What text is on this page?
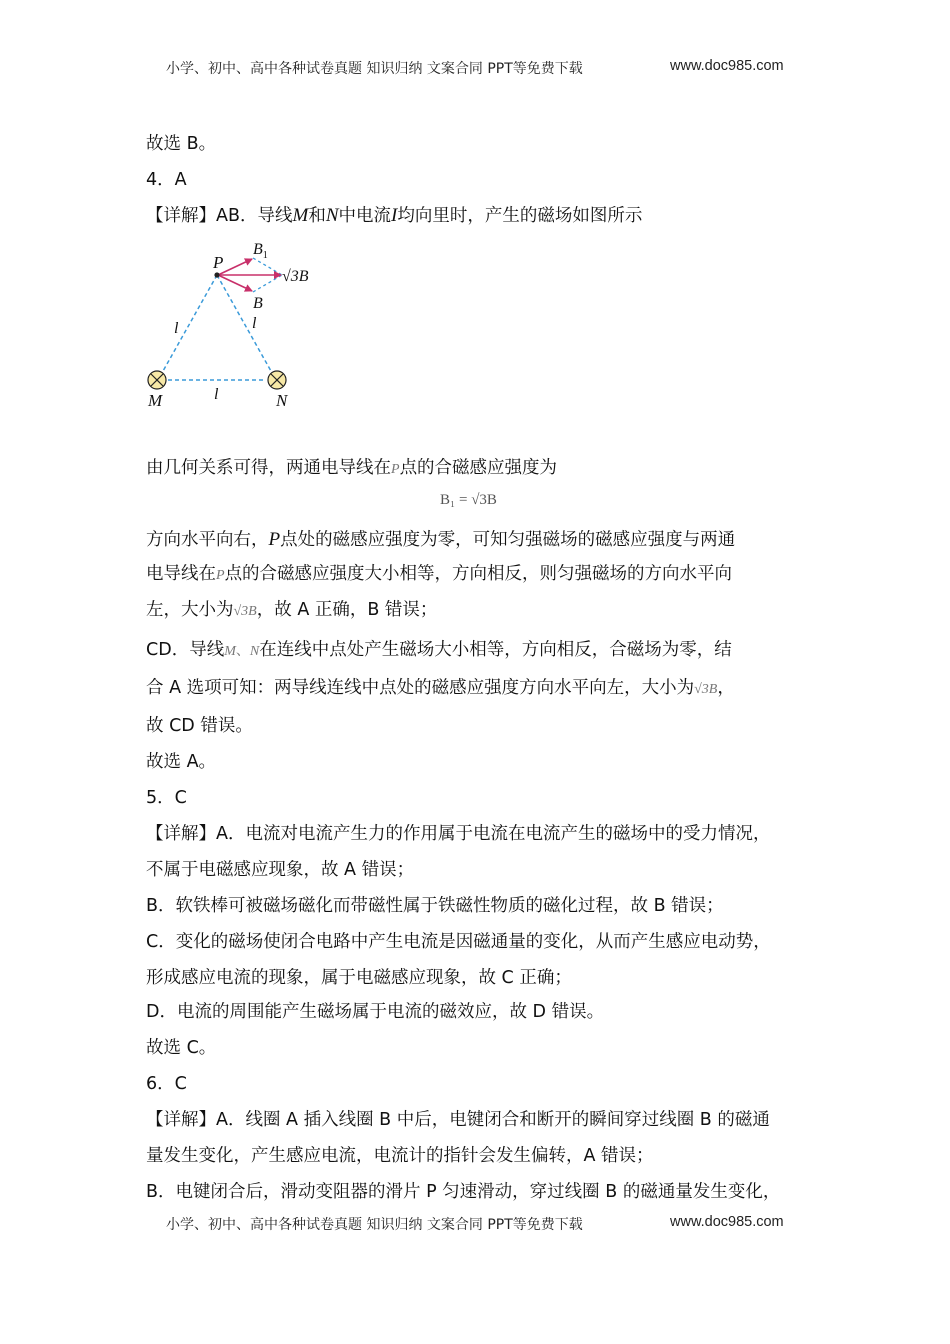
小学、初中、高中各种试卷真题 知识归纳 文案合同 PPT等免费下载	www.doc985.com
故选 B。
4．A
【详解】AB．导线M和N中电流I均向里时，产生的磁场如图所示
P
$B_1$
√3B
B
l	l
l
M	N
由几何关系可得，两通电导线在P点的合磁感应强度为
B₁ = √3B
方向水平向右，P点处的磁感应强度为零，可知匀强磁场的磁感应强度与两通
电导线在P点的合磁感应强度大小相等，方向相反，则匀强磁场的方向水平向
左，大小为√3B，故 A 正确，B 错误；
CD．导线M、N在连线中点处产生磁场大小相等，方向相反，合磁场为零，结
合 A 选项可知：两导线连线中点处的磁感应强度方向水平向左，大小为√3B，
故 CD 错误。
故选 A。
5．C
【详解】A．电流对电流产生力的作用属于电流在电流产生的磁场中的受力情况，
不属于电磁感应现象，故 A 错误；
B．软铁棒可被磁场磁化而带磁性属于铁磁性物质的磁化过程，故 B 错误；
C．变化的磁场使闭合电路中产生电流是因磁通量的变化，从而产生感应电动势，
形成感应电流的现象，属于电磁感应现象，故 C 正确；
D．电流的周围能产生磁场属于电流的磁效应，故 D 错误。
故选 C。
6．C
【详解】A．线圈 A 插入线圈 B 中后，电键闭合和断开的瞬间穿过线圈 B 的磁通
量发生变化，产生感应电流，电流计的指针会发生偏转，A 错误；
B．电键闭合后，滑动变阻器的滑片 P 匀速滑动，穿过线圈 B 的磁通量发生变化，
小学、初中、高中各种试卷真题 知识归纳 文案合同 PPT等免费下载	www.doc985.com
